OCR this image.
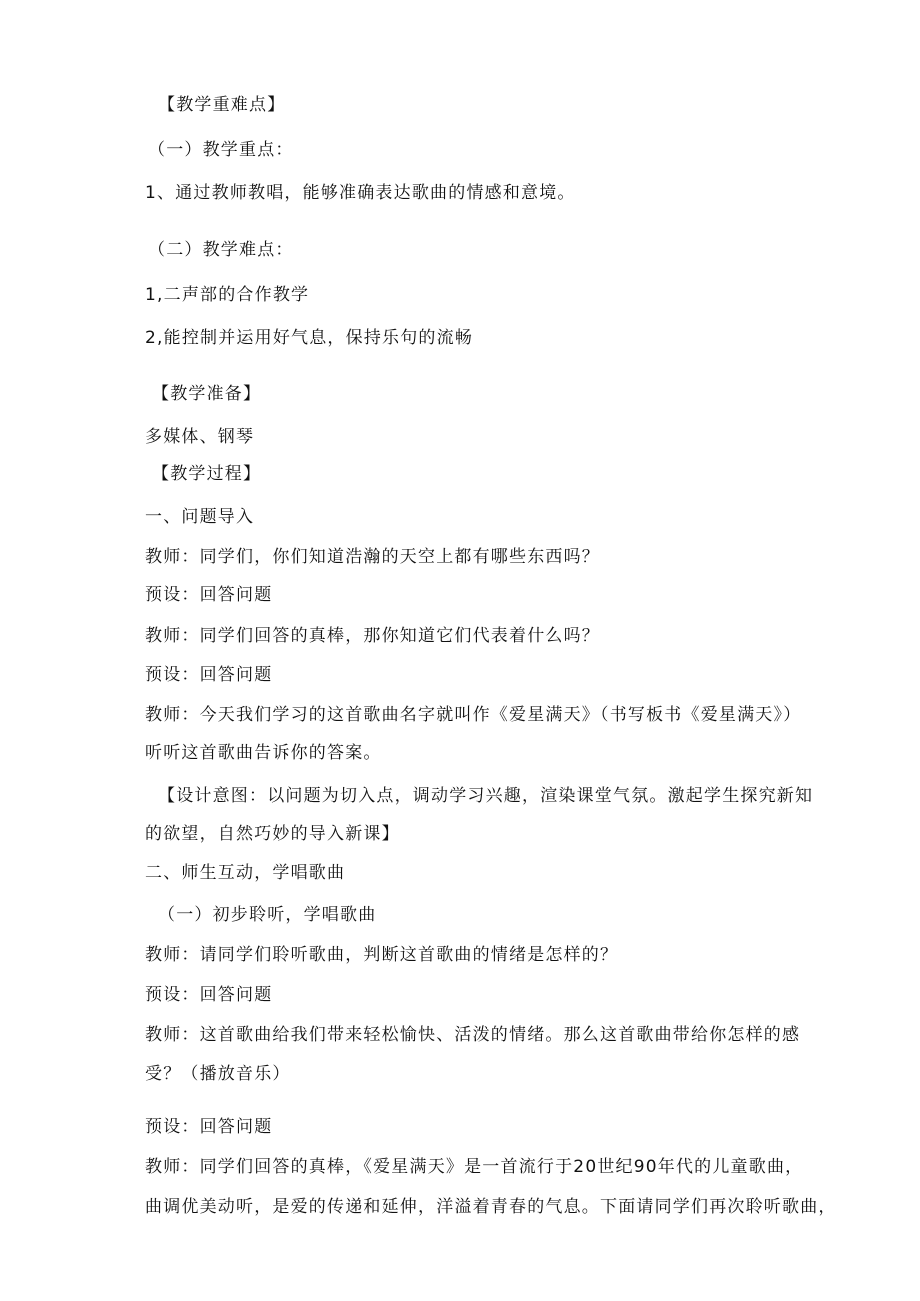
【教学重难点】
（一）教学重点：
1、通过教师教唱，能够准确表达歌曲的情感和意境。
（二）教学难点：
1,二声部的合作教学
2,能控制并运用好气息，保持乐句的流畅
【教学准备】
多媒体、钢琴
【教学过程】
一、问题导入
教师：同学们，你们知道浩瀚的天空上都有哪些东西吗？
预设：回答问题
教师：同学们回答的真棒，那你知道它们代表着什么吗？
预设：回答问题
教师：今天我们学习的这首歌曲名字就叫作《爱星满天》（书写板书《爱星满天》）
听听这首歌曲告诉你的答案。
【设计意图：以问题为切入点，调动学习兴趣，渲染课堂气氛。激起学生探究新知
的欲望，自然巧妙的导入新课】
二、师生互动，学唱歌曲
（一）初步聆听，学唱歌曲
教师：请同学们聆听歌曲，判断这首歌曲的情绪是怎样的？
预设：回答问题
教师：这首歌曲给我们带来轻松愉快、活泼的情绪。那么这首歌曲带给你怎样的感
受？（播放音乐）
预设：回答问题
教师：同学们回答的真棒，《爱星满天》是一首流行于20世纪90年代的儿童歌曲，
曲调优美动听，是爱的传递和延伸，洋溢着青春的气息。下面请同学们再次聆听歌曲，
